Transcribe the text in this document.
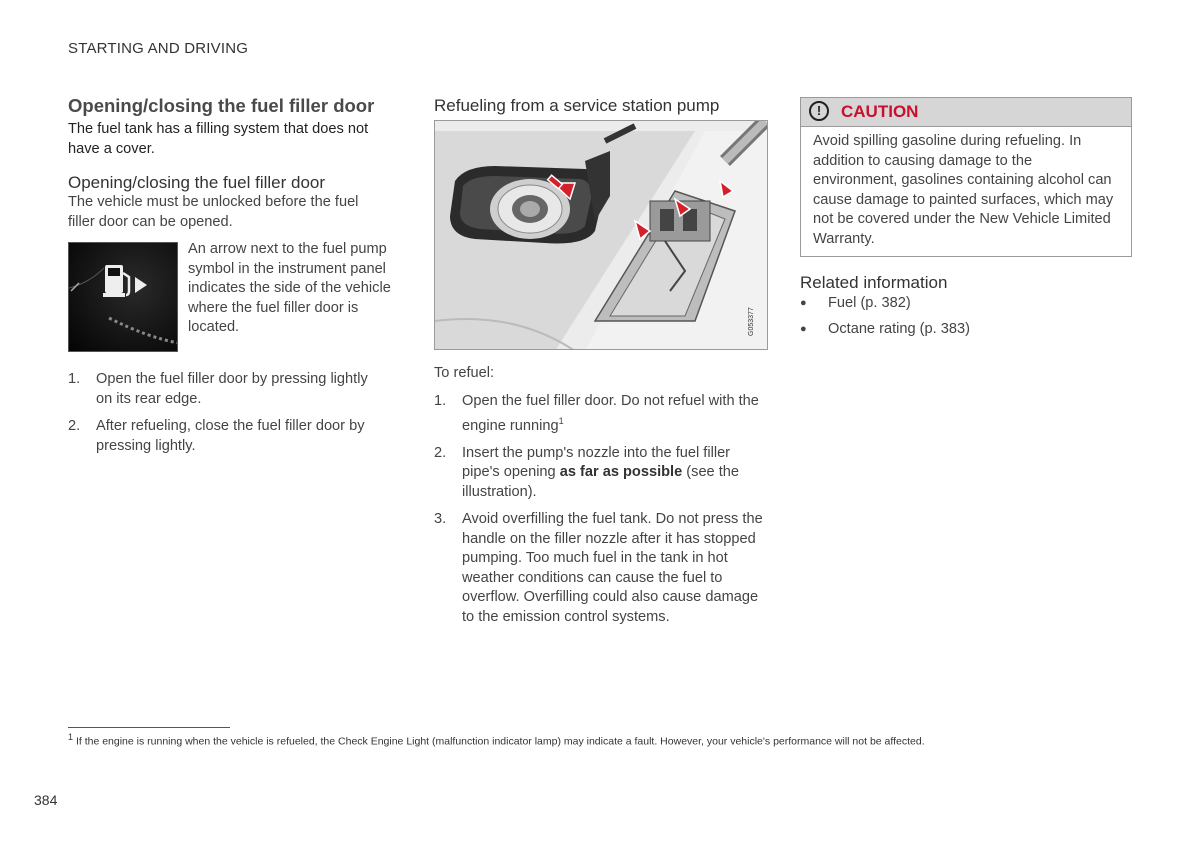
STARTING AND DRIVING
Opening/closing the fuel filler door
The fuel tank has a filling system that does not have a cover.
Opening/closing the fuel filler door
The vehicle must be unlocked before the fuel filler door can be opened.
An arrow next to the fuel pump symbol in the instrument panel indicates the side of the vehicle where the fuel filler door is located.
1. Open the fuel filler door by pressing lightly on its rear edge.
2. After refueling, close the fuel filler door by pressing lightly.
Refueling from a service station pump
G053377
To refuel:
1. Open the fuel filler door. Do not refuel with the engine running$^1$
2. Insert the pump's nozzle into the fuel filler pipe's opening as far as possible (see the illustration).
3. Avoid overfilling the fuel tank. Do not press the handle on the filler nozzle after it has stopped pumping. Too much fuel in the tank in hot weather conditions can cause the fuel to overflow. Overfilling could also cause damage to the emission control systems.
!	CAUTION
Avoid spilling gasoline during refueling. In addition to causing damage to the environment, gasolines containing alcohol can cause damage to painted surfaces, which may not be covered under the New Vehicle Limited Warranty.
Related information
● Fuel (p. 382)
● Octane rating (p. 383)
$^1$ If the engine is running when the vehicle is refueled, the Check Engine Light (malfunction indicator lamp) may indicate a fault. However, your vehicle's performance will not be affected.
384
